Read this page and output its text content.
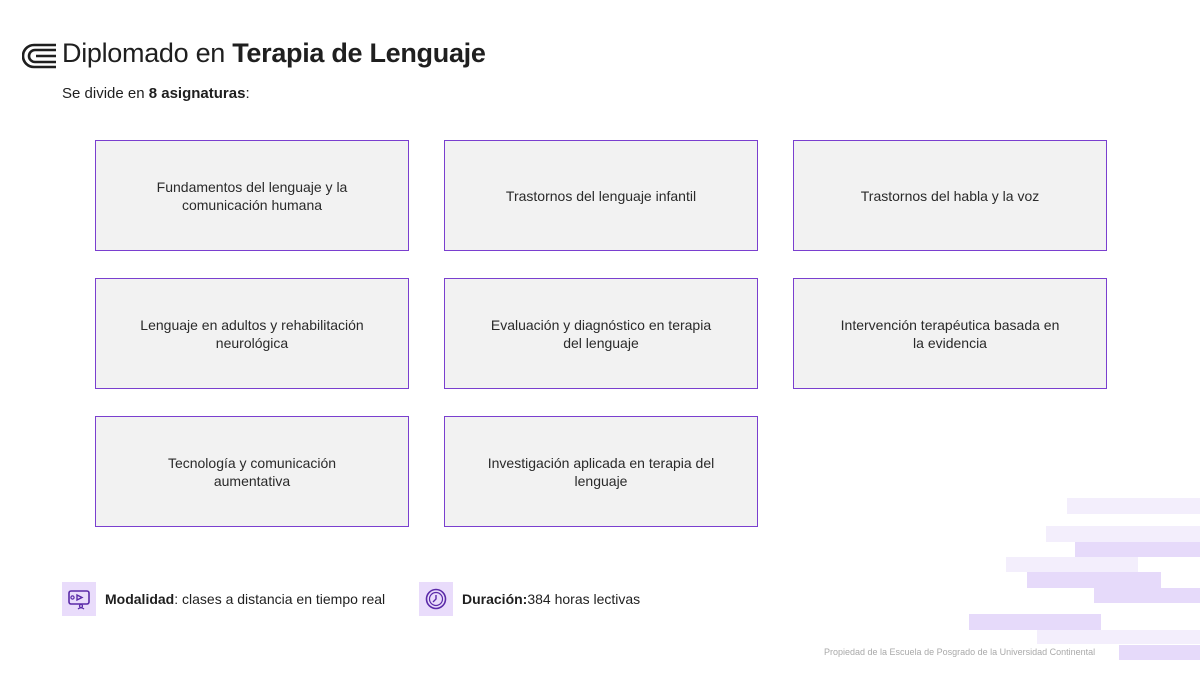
Diplomado en Terapia de Lenguaje
Se divide en 8 asignaturas:
Fundamentos del lenguaje y la comunicación humana
Trastornos del lenguaje infantil	Trastornos del habla y la voz
Lenguaje en adultos y rehabilitación neurológica
Evaluación y diagnóstico en terapia del lenguaje
Intervención terapéutica basada en la evidencia
Tecnología y comunicación aumentativa
Investigación aplicada en terapia del lenguaje
Modalidad : clases a distancia en tiempo real	Duración: 384 horas lectivas
Propiedad de la Escuela de Posgrado de la Universidad Continental
